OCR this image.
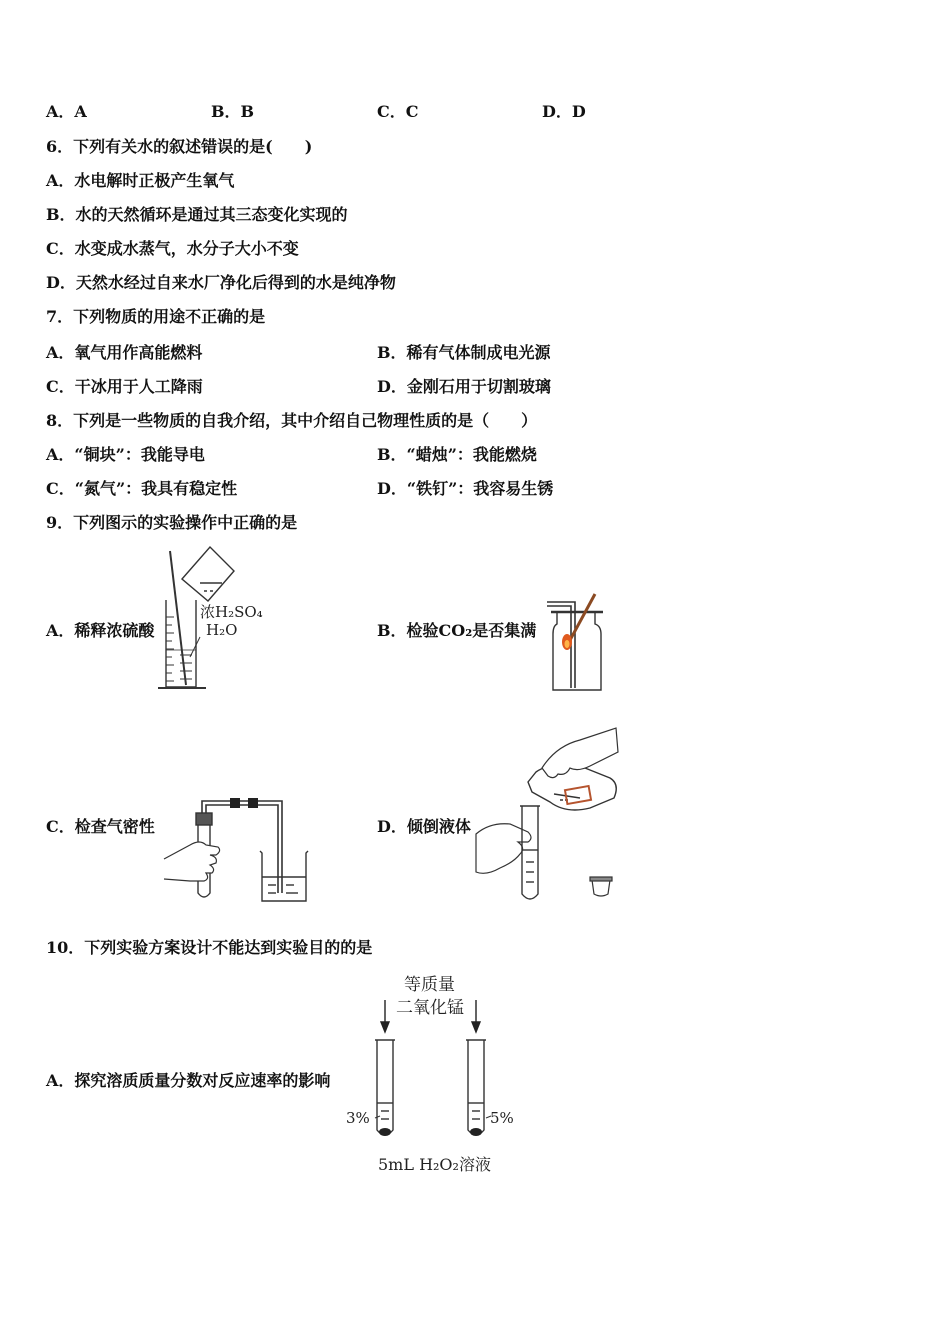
A．A	B．B	C．C	D．D
6．下列有关水的叙述错误的是(　　)
A．水电解时正极产生氧气
B．水的天然循环是通过其三态变化实现的
C．水变成水蒸气，水分子大小不变
D．天然水经过自来水厂净化后得到的水是纯净物
7．下列物质的用途不正确的是
A．氧气用作高能燃料	B．稀有气体制成电光源
C．干冰用于人工降雨	D．金刚石用于切割玻璃
8．下列是一些物质的自我介绍，其中介绍自己物理性质的是（　　）
A．“铜块”：我能导电	B．“蜡烛”：我能燃烧
C．“氮气”：我具有稳定性	D．“铁钉”：我容易生锈
9．下列图示的实验操作中正确的是
A．稀释浓硫酸	B．检验CO₂是否集满
C．检查气密性	D．倾倒液体
浓H₂SO₄
H₂O
10．下列实验方案设计不能达到实验目的的是
A．探究溶质质量分数对反应速率的影响
等质量
二氧化锰
3%	5%
5mL H₂O₂溶液
